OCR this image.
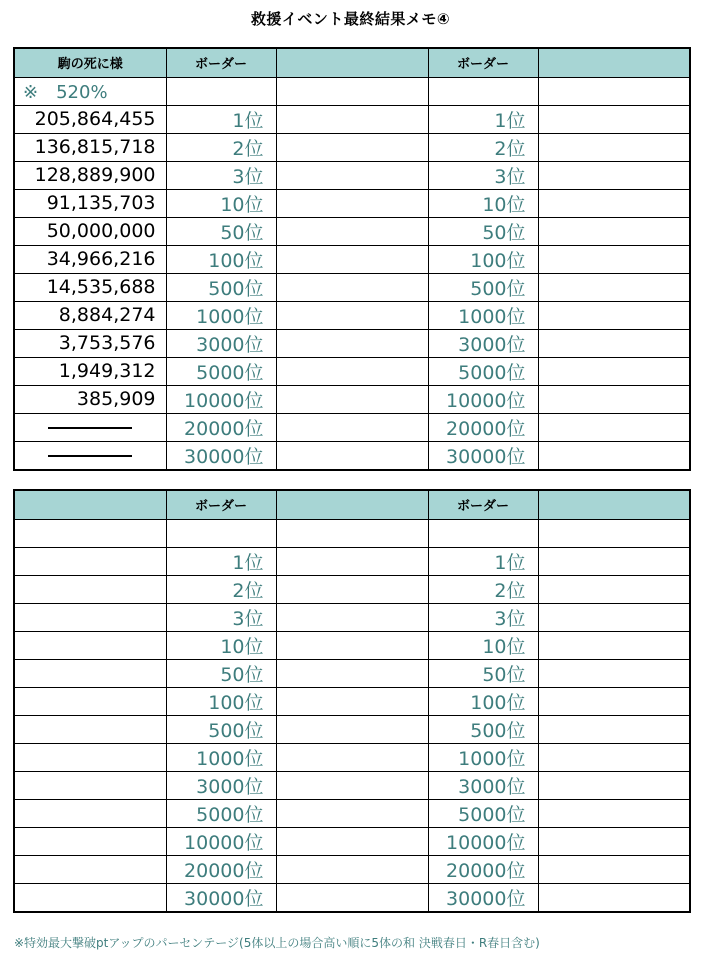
救援イベント最終結果メモ④
駒の死に様	ボーダー		ボーダー	
※　520%				
205,864,455	1位		1位	
136,815,718	2位		2位	
128,889,900	3位		3位	
91,135,703	10位		10位	
50,000,000	50位		50位	
34,966,216	100位		100位	
14,535,688	500位		500位	
8,884,274	1000位		1000位	
3,753,576	3000位		3000位	
1,949,312	5000位		5000位	
385,909	10000位		10000位	
	20000位		20000位	
	30000位		30000位	
	ボーダー		ボーダー	

	1位		1位	
	2位		2位	
	3位		3位	
	10位		10位	
	50位		50位	
	100位		100位	
	500位		500位	
	1000位		1000位	
	3000位		3000位	
	5000位		5000位	
	10000位		10000位	
	20000位		20000位	
	30000位		30000位	
※特効最大撃破ptアップのパーセンテージ(5体以上の場合高い順に5体の和 決戦春日・R春日含む)
